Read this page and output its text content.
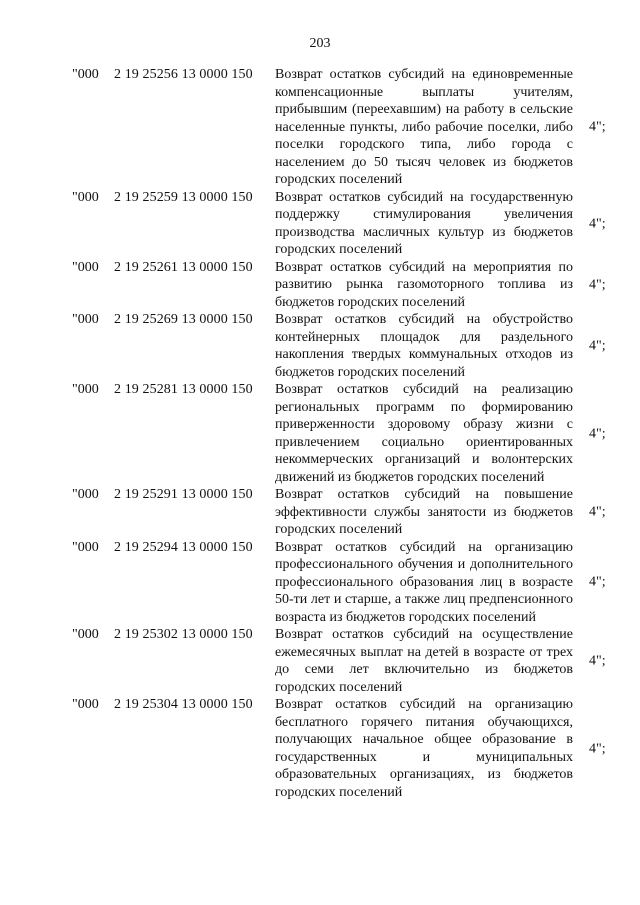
203
"000 2 19 25256 13 0000 150 Возврат остатков субсидий на единовременные компенсационные выплаты учителям, прибывшим (переехавшим) на работу в сельские населенные пункты, либо рабочие поселки, либо поселки городского типа, либо города с населением до 50 тысяч человек из бюджетов городских поселений
4";
"000 2 19 25259 13 0000 150 Возврат остатков субсидий на государственную поддержку стимулирования увеличения производства масличных культур из бюджетов городских поселений
4";
"000 2 19 25261 13 0000 150 Возврат остатков субсидий на мероприятия по развитию рынка газомоторного топлива из бюджетов городских поселений
4";
"000 2 19 25269 13 0000 150 Возврат остатков субсидий на обустройство контейнерных площадок для раздельного накопления твердых коммунальных отходов из бюджетов городских поселений
4";
"000 2 19 25281 13 0000 150 Возврат остатков субсидий на реализацию региональных программ по формированию приверженности здоровому образу жизни с привлечением социально ориентированных некоммерческих организаций и волонтерских движений из бюджетов городских поселений
4";
"000 2 19 25291 13 0000 150 Возврат остатков субсидий на повышение эффективности службы занятости из бюджетов городских поселений
4";
"000 2 19 25294 13 0000 150 Возврат остатков субсидий на организацию профессионального обучения и дополнительного профессионального образования лиц в возрасте 50-ти лет и старше, а также лиц предпенсионного возраста из бюджетов городских поселений
4";
"000 2 19 25302 13 0000 150 Возврат остатков субсидий на осуществление ежемесячных выплат на детей в возрасте от трех до семи лет включительно из бюджетов городских поселений
4";
"000 2 19 25304 13 0000 150 Возврат остатков субсидий на организацию бесплатного горячего питания обучающихся, получающих начальное общее образование в государственных и муниципальных образовательных организациях, из бюджетов городских поселений
4";
